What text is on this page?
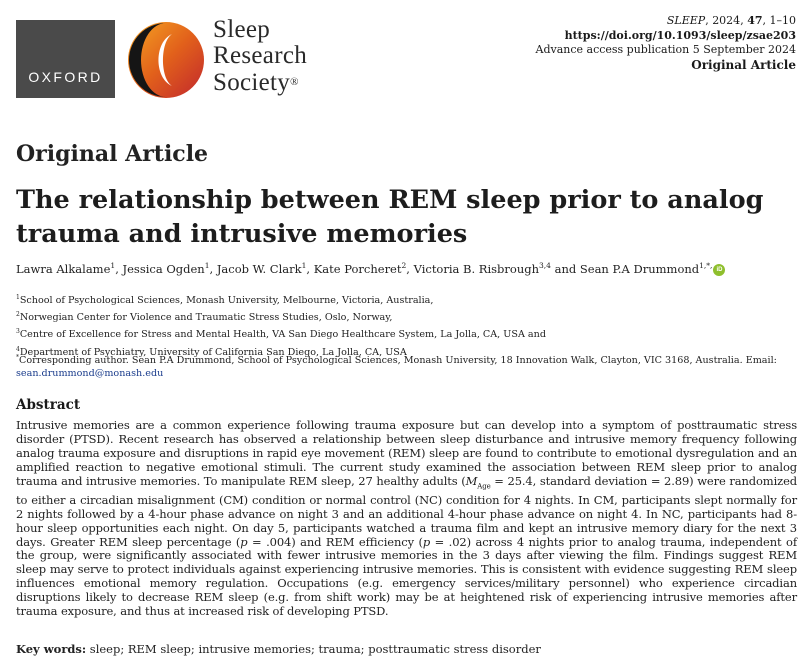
OXFORD
Sleep
Research
Society®
SLEEP, 2024, 47, 1–10
https://doi.org/10.1093/sleep/zsae203
Advance access publication 5 September 2024
Original Article
Original Article
The relationship between REM sleep prior to analog trauma and intrusive memories
Lawra Alkalame$^1$, Jessica Ogden$^1$, Jacob W. Clark$^1$, Kate Porcheret$^2$, Victoria B. Risbrough$^{3,4}$ and Sean P.A Drummond$^{1,*,}$ iD
$^1$School of Psychological Sciences, Monash University, Melbourne, Victoria, Australia,
$^2$Norwegian Center for Violence and Traumatic Stress Studies, Oslo, Norway,
$^3$Centre of Excellence for Stress and Mental Health, VA San Diego Healthcare System, La Jolla, CA, USA and
$^4$Department of Psychiatry, University of California San Diego, La Jolla, CA, USA
*Corresponding author. Sean P.A Drummond, School of Psychological Sciences, Monash University, 18 Innovation Walk, Clayton, VIC 3168, Australia. Email: sean.drummond@monash.edu
Abstract
Intrusive memories are a common experience following trauma exposure but can develop into a symptom of posttraumatic stress disorder (PTSD). Recent research has observed a relationship between sleep disturbance and intrusive memory frequency following analog trauma exposure and disruptions in rapid eye movement (REM) sleep are found to contribute to emotional dysregulation and an amplified reaction to negative emotional stimuli. The current study examined the association between REM sleep prior to analog trauma and intrusive memories. To manipulate REM sleep, 27 healthy adults ($M_{Age} = 25.4$, standard deviation = 2.89) were randomized to either a circadian misalignment (CM) condition or normal control (NC) condition for 4 nights. In CM, participants slept normally for 2 nights followed by a 4-hour phase advance on night 3 and an additional 4-hour phase advance on night 4. In NC, participants had 8-hour sleep opportunities each night. On day 5, participants watched a trauma film and kept an intrusive memory diary for the next 3 days. Greater REM sleep percentage (p = .004) and REM efficiency (p = .02) across 4 nights prior to analog trauma, independent of the group, were significantly associated with fewer intrusive memories in the 3 days after viewing the film. Findings suggest REM sleep may serve to protect individuals against experiencing intrusive memories. This is consistent with evidence suggesting REM sleep influences emotional memory regulation. Occupations (e.g. emergency services/military personnel) who experience circadian disruptions likely to decrease REM sleep (e.g. from shift work) may be at heightened risk of experiencing intrusive memories after trauma exposure, and thus at increased risk of developing PTSD.
Key words: sleep; REM sleep; intrusive memories; trauma; posttraumatic stress disorder
